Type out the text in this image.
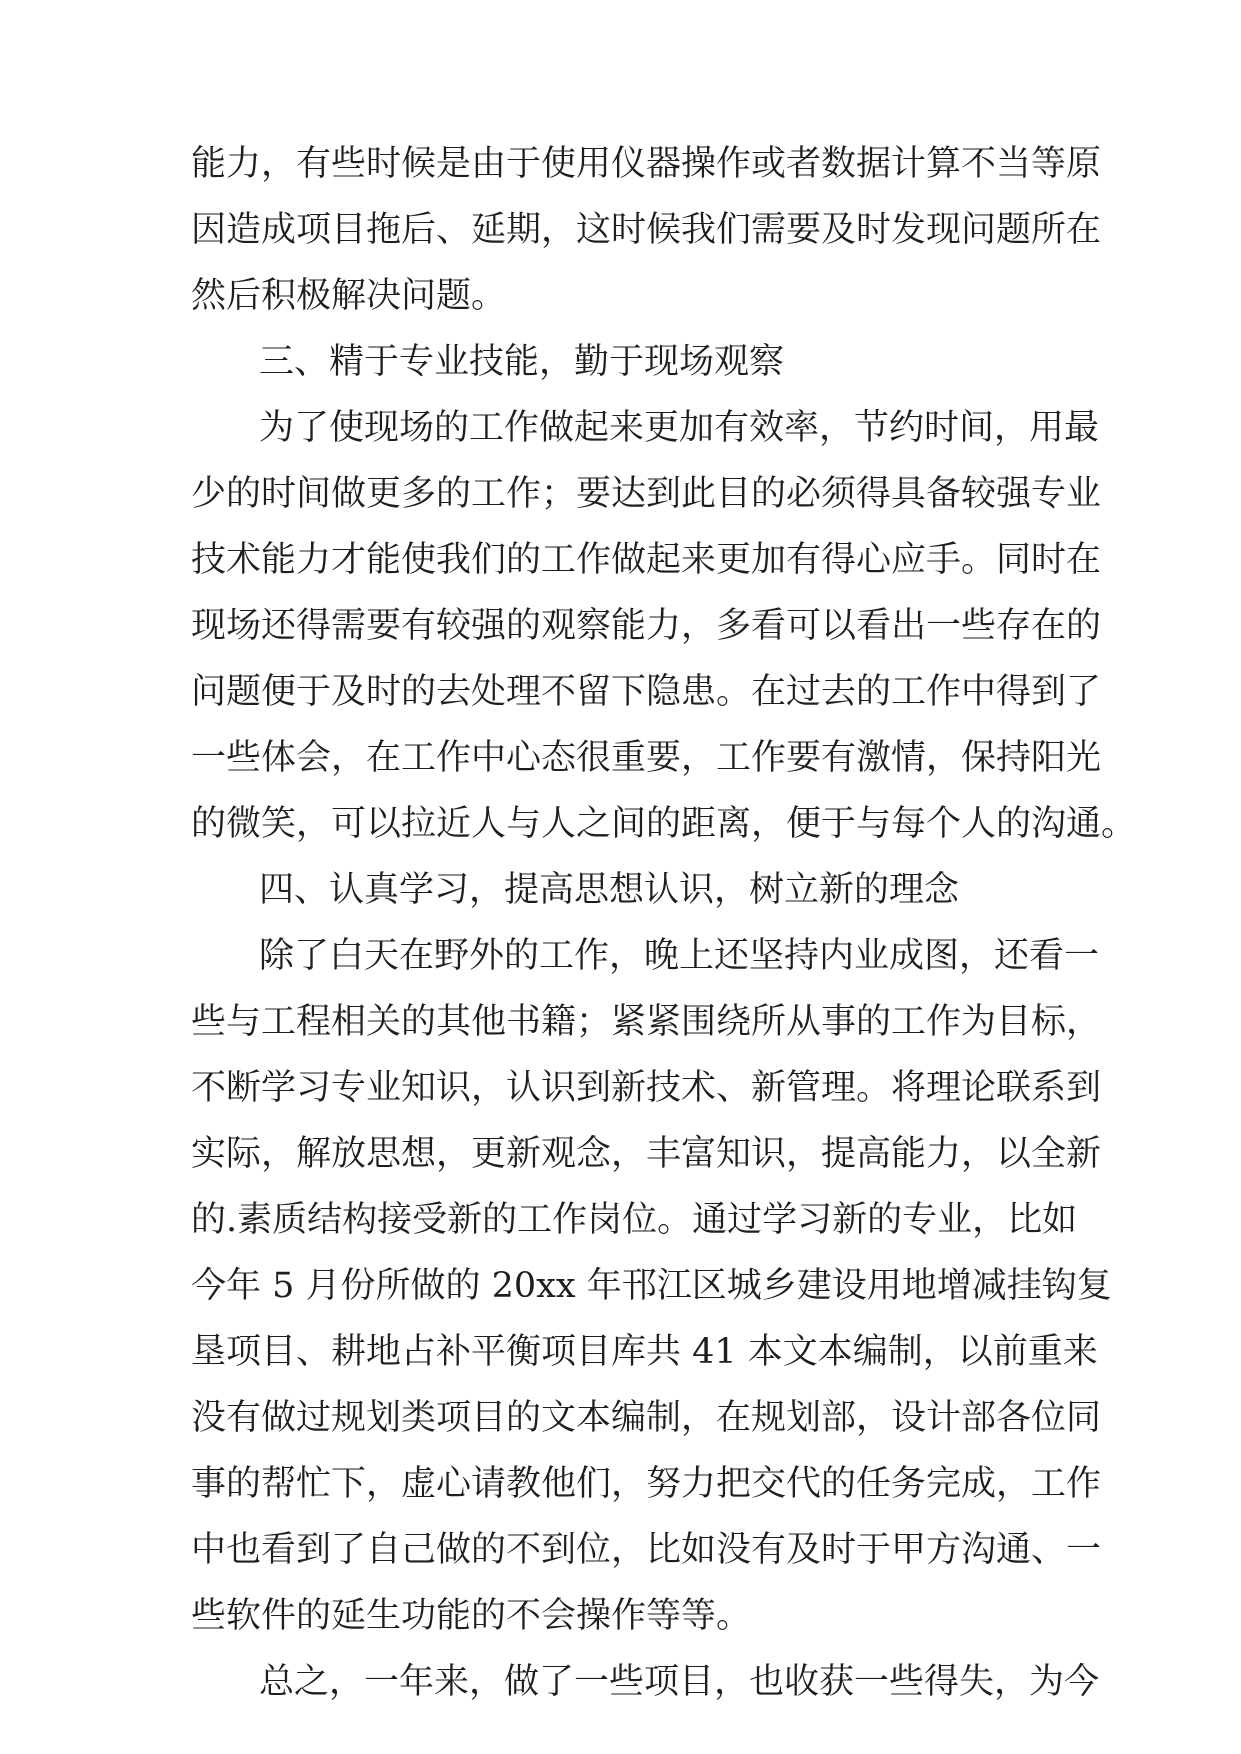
能力，有些时候是由于使用仪器操作或者数据计算不当等原

因造成项目拖后、延期，这时候我们需要及时发现问题所在

然后积极解决问题。

三、精于专业技能，勤于现场观察

为了使现场的工作做起来更加有效率，节约时间，用最

少的时间做更多的工作；要达到此目的必须得具备较强专业

技术能力才能使我们的工作做起来更加有得心应手。同时在

现场还得需要有较强的观察能力，多看可以看出一些存在的

问题便于及时的去处理不留下隐患。在过去的工作中得到了

一些体会，在工作中心态很重要，工作要有激情，保持阳光

的微笑，可以拉近人与人之间的距离，便于与每个人的沟通。

四、认真学习，提高思想认识，树立新的理念

除了白天在野外的工作，晚上还坚持内业成图，还看一

些与工程相关的其他书籍；紧紧围绕所从事的工作为目标，

不断学习专业知识，认识到新技术、新管理。将理论联系到

实际，解放思想，更新观念，丰富知识，提高能力，以全新

的.素质结构接受新的工作岗位。通过学习新的专业，比如

今年 5 月份所做的 20xx 年邗江区城乡建设用地增减挂钩复

垦项目、耕地占补平衡项目库共 41 本文本编制，以前重来

没有做过规划类项目的文本编制，在规划部，设计部各位同

事的帮忙下，虚心请教他们，努力把交代的任务完成，工作

中也看到了自己做的不到位，比如没有及时于甲方沟通、一

些软件的延生功能的不会操作等等。

总之，一年来，做了一些项目，也收获一些得失，为今
